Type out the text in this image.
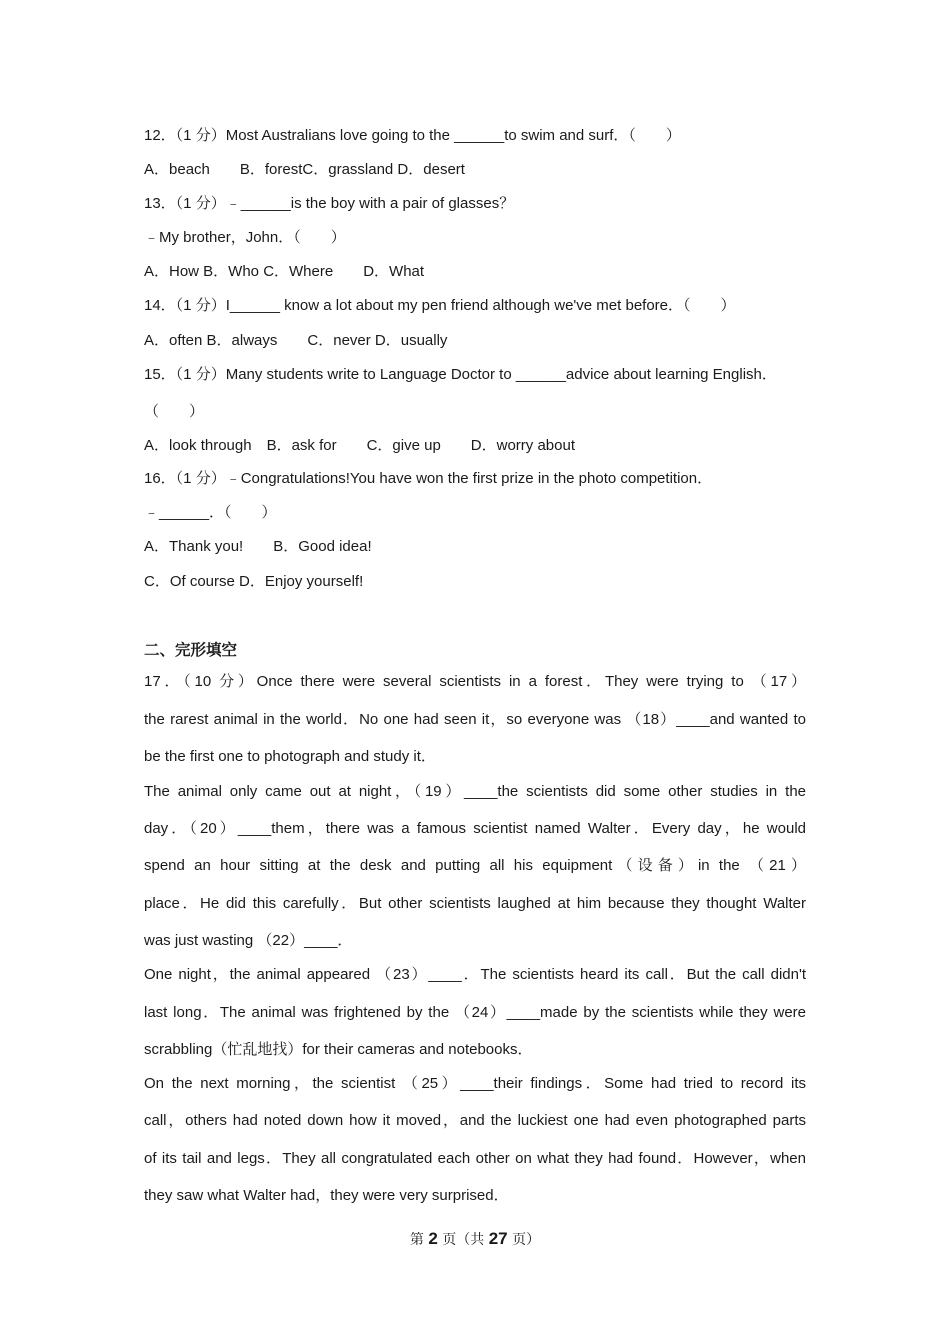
12．（1 分）Most Australians love going to the ______to swim and surf．（　　）
A．beach　　B．forestC．grassland D．desert
13．（1 分）﹣______is the boy with a pair of glasses？
﹣My brother，John．（　　）
A．How B．Who C．Where　　D．What
14．（1 分）I______ know a lot about my pen friend although we've met before．（　　）
A．often B．always　　C．never D．usually
15．（1 分）Many students write to Language Doctor to ______advice about learning English．
（　　）
A．look through　B．ask for　　C．give up　　D．worry about
16．（1 分）﹣Congratulations!You have won the first prize in the photo competition．
﹣______．（　　）
A．Thank you!　　B．Good idea!
C．Of course D．Enjoy yourself!
二、完形填空
17．（10 分）Once there were several scientists in a forest．They were trying to （17）
the rarest animal in the world．No one had seen it，so everyone was （18）____and wanted to
be the first one to photograph and study it．
The animal only came out at night，（19）____the scientists did some other studies in the
day．（20）____them，there was a famous scientist named Walter．Every day，he would
spend an hour sitting at the desk and putting all his equipment（设备）in the （21）
place．He did this carefully．But other scientists laughed at him because they thought Walter
was just wasting （22）____．
One night，the animal appeared （23）____．The scientists heard its call．But the call didn't
last long．The animal was frightened by the （24）____made by the scientists while they were
scrabbling（忙乱地找）for their cameras and notebooks．
On the next morning，the scientist （25）____their findings．Some had tried to record its
call，others had noted down how it moved，and the luckiest one had even photographed parts
of its tail and legs．They all congratulated each other on what they had found．However，when
they saw what Walter had，they were very surprised．
第 2 页（共 27 页）
